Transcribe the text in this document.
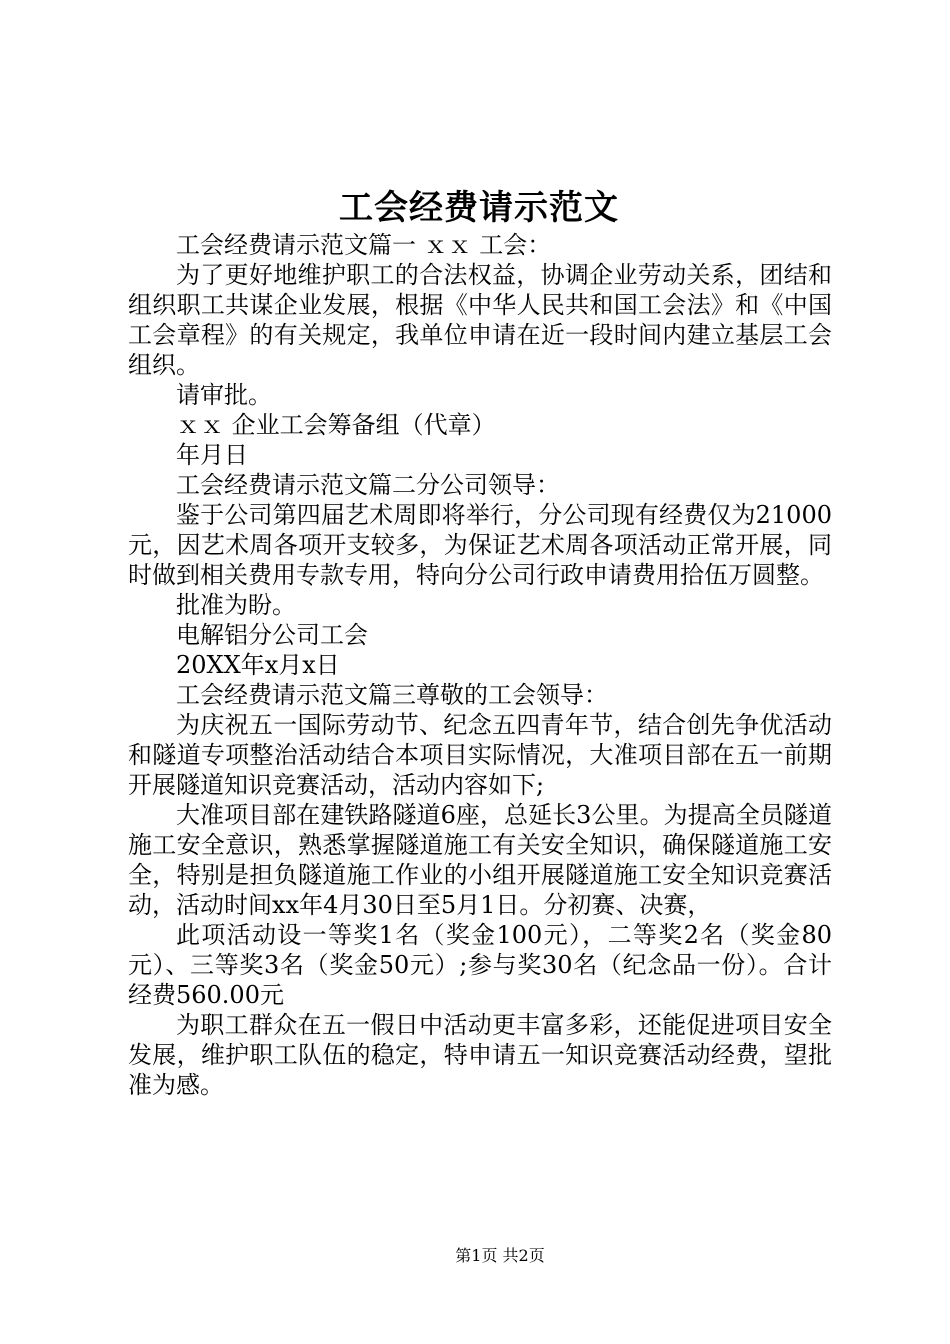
工会经费请示范文

工会经费请示范文篇一 ｘｘ 工会：

为了更好地维护职工的合法权益，协调企业劳动关系，团结和组织职工共谋企业发展，根据《中华人民共和国工会法》和《中国工会章程》的有关规定，我单位申请在近一段时间内建立基层工会组织。

请审批。

ｘｘ 企业工会筹备组（代章）

年月日

工会经费请示范文篇二分公司领导：

鉴于公司第四届艺术周即将举行，分公司现有经费仅为21000元，因艺术周各项开支较多，为保证艺术周各项活动正常开展，同时做到相关费用专款专用，特向分公司行政申请费用拾伍万圆整。

批准为盼。

电解铝分公司工会

20XX年x月x日

工会经费请示范文篇三尊敬的工会领导：

为庆祝五一国际劳动节、纪念五四青年节，结合创先争优活动和隧道专项整治活动结合本项目实际情况，大准项目部在五一前期开展隧道知识竞赛活动，活动内容如下;

大准项目部在建铁路隧道6座，总延长3公里。为提高全员隧道施工安全意识，熟悉掌握隧道施工有关安全知识，确保隧道施工安全，特别是担负隧道施工作业的小组开展隧道施工安全知识竞赛活动，活动时间xx年4月30日至5月1日。分初赛、决赛，

此项活动设一等奖1名（奖金100元），二等奖2名（奖金80元）、三等奖3名（奖金50元）;参与奖30名（纪念品一份）。合计经费560.00元

为职工群众在五一假日中活动更丰富多彩，还能促进项目安全发展，维护职工队伍的稳定，特申请五一知识竞赛活动经费，望批准为感。

第1页 共2页
